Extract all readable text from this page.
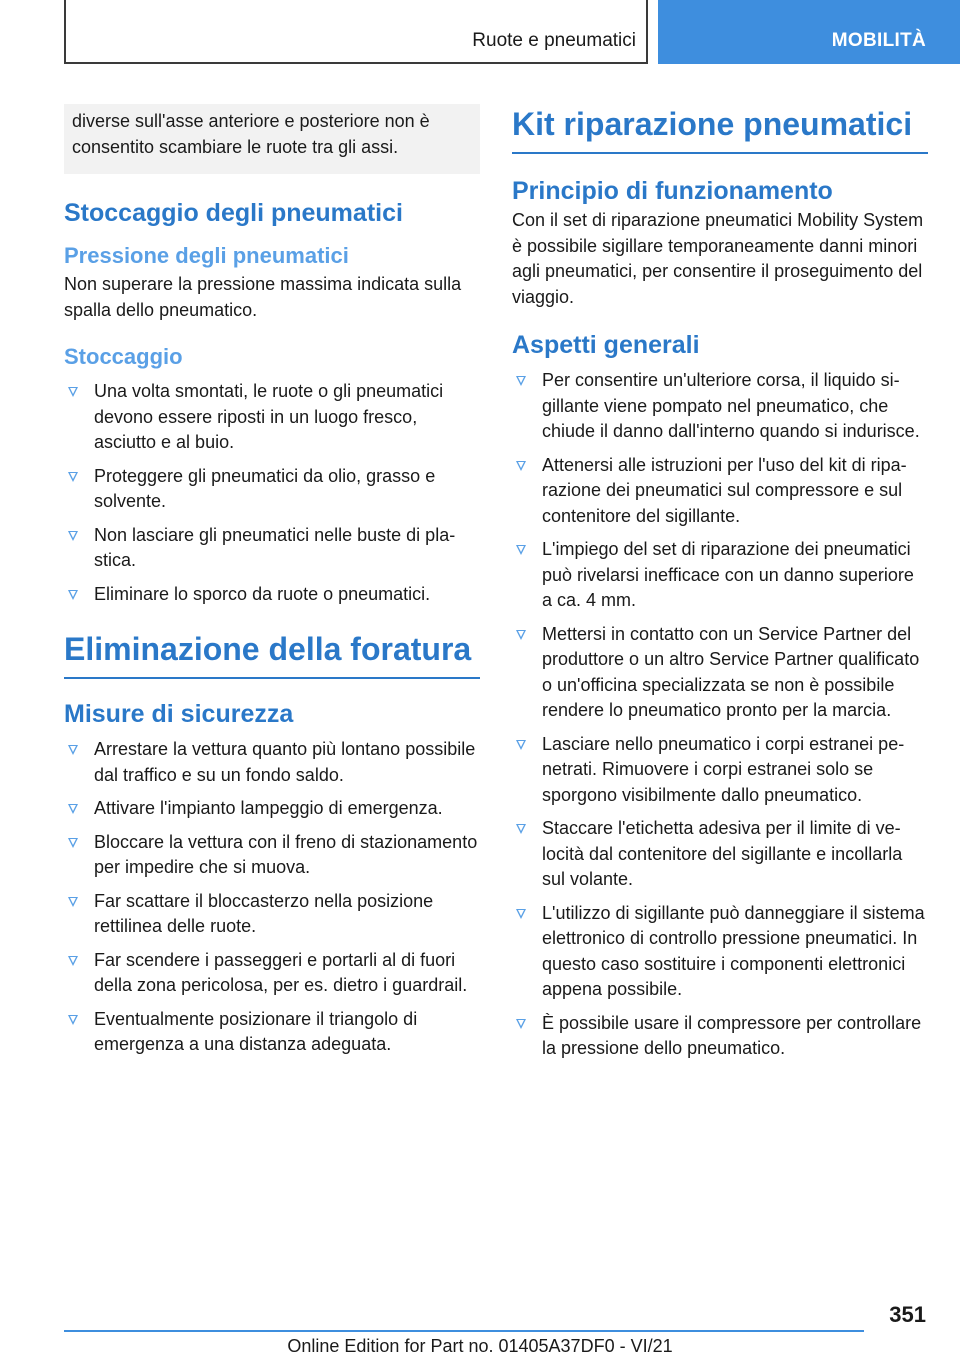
Ruote e pneumatici	MOBILITÀ
diverse sull'asse anteriore e posteriore non è consentito scambiare le ruote tra gli assi.
Stoccaggio degli pneumatici
Pressione degli pneumatici

Non superare la pressione massima indicata sulla spalla dello pneumatico.

Stoccaggio
Una volta smontati, le ruote o gli pneumatici devono essere riposti in un luogo fresco, asciutto e al buio.
Proteggere gli pneumatici da olio, grasso e solvente.
Non lasciare gli pneumatici nelle buste di plastica.
Eliminare lo sporco da ruote o pneumatici.
Eliminazione della foratura
Misure di sicurezza
Arrestare la vettura quanto più lontano possibile dal traffico e su un fondo saldo.
Attivare l'impianto lampeggio di emergenza.
Bloccare la vettura con il freno di stazionamento per impedire che si muova.
Far scattare il bloccasterzo nella posizione rettilinea delle ruote.
Far scendere i passeggeri e portarli al di fuori della zona pericolosa, per es. dietro i guardrail.
Eventualmente posizionare il triangolo di emergenza a una distanza adeguata.
Kit riparazione pneumatici
Principio di funzionamento

Con il set di riparazione pneumatici Mobility System è possibile sigillare temporaneamente danni minori agli pneumatici, per consentire il proseguimento del viaggio.

Aspetti generali
Per consentire un'ulteriore corsa, il liquido sigillante viene pompato nel pneumatico, che chiude il danno dall'interno quando si indurisce.
Attenersi alle istruzioni per l'uso del kit di riparazione dei pneumatici sul compressore e sul contenitore del sigillante.
L'impiego del set di riparazione dei pneumatici può rivelarsi inefficace con un danno superiore a ca. 4 mm.
Mettersi in contatto con un Service Partner del produttore o un altro Service Partner qualificato o un'officina specializzata se non è possibile rendere lo pneumatico pronto per la marcia.
Lasciare nello pneumatico i corpi estranei penetrati. Rimuovere i corpi estranei solo se sporgono visibilmente dallo pneumatico.
Staccare l'etichetta adesiva per il limite di velocità dal contenitore del sigillante e incollarla sul volante.
L'utilizzo di sigillante può danneggiare il sistema elettronico di controllo pressione pneumatici. In questo caso sostituire i componenti elettronici appena possibile.
È possibile usare il compressore per controllare la pressione dello pneumatico.
351
Online Edition for Part no. 01405A37DF0 - VI/21
